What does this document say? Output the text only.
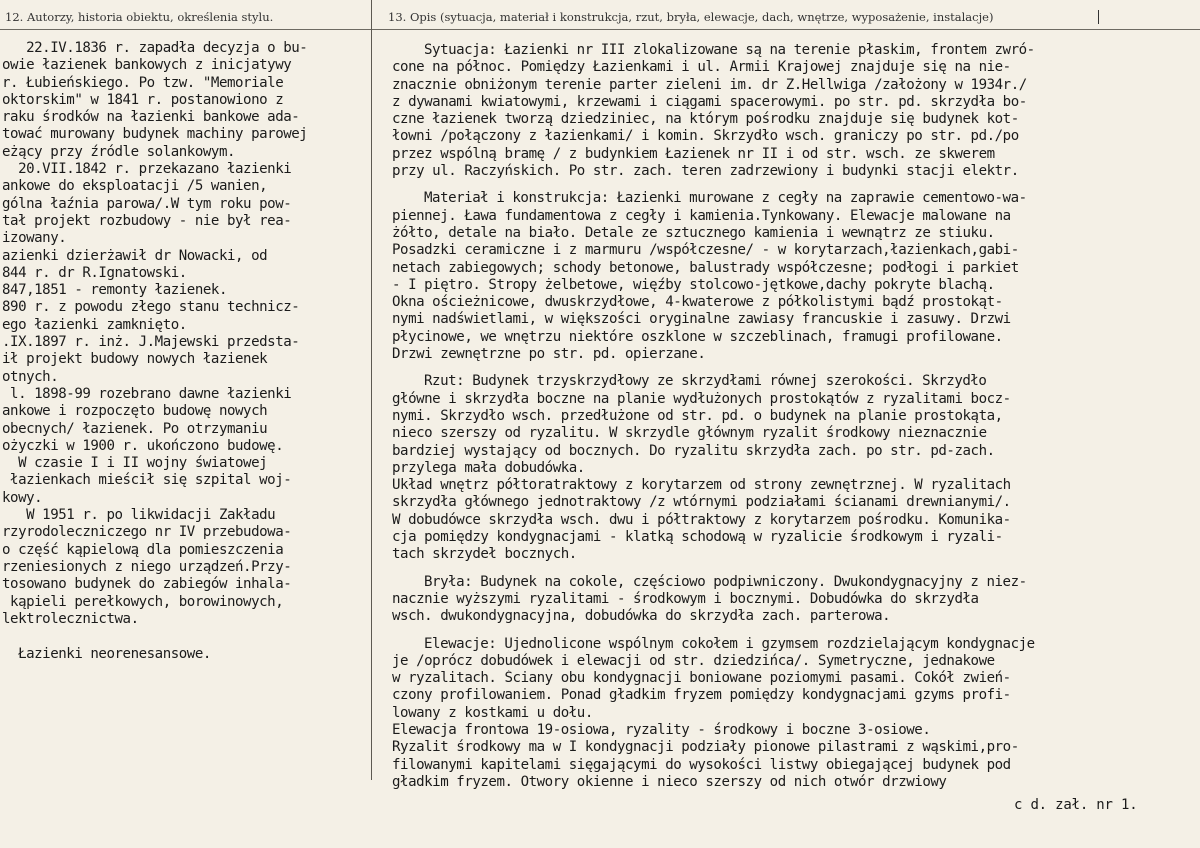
12. Autorzy, historia obiektu, określenia stylu.	13. Opis (sytuacja, materiał i konstrukcja, rzut, bryła, elewacje, dach, wnętrze, wyposażenie, instalacje)
22.IV.1836 r. zapadła decyzja o bu-
owie łazienek bankowych z inicjatywy
r. Łubieńskiego. Po tzw. "Memoriale
oktorskim" w 1841 r. postanowiono z
raku środków na łazienki bankowe ada-
tować murowany budynek machiny parowej
eżący przy źródle solankowym.
20.VII.1842 r. przekazano łazienki
ankowe do eksploatacji /5 wanien,
gólna łaźnia parowa/.W tym roku pow-
tał projekt rozbudowy - nie był rea-
izowany.
azienki dzierżawił dr Nowacki, od
844 r. dr R.Ignatowski.
847,1851 - remonty łazienek.
890 r. z powodu złego stanu technicz-
ego łazienki zamknięto.
.IX.1897 r. inż. J.Majewski przedsta-
ił projekt budowy nowych łazienek
otnych.
l. 1898-99 rozebrano dawne łazienki
ankowe i rozpoczęto budowę nowych
obecnych/ łazienek. Po otrzymaniu
ożyczki w 1900 r. ukończono budowę.
W czasie I i II wojny światowej
łazienkach mieścił się szpital woj-
kowy.
W 1951 r. po likwidacji Zakładu
rzyrodoleczniczego nr IV przebudowa-
o część kąpielową dla pomieszczenia
rzeniesionych z niego urządzeń.Przy-
tosowano budynek do zabiegów inhala-
kąpieli perełkowych, borowinowych,
lektrolecznictwa.
Łazienki neorenesansowe.
Sytuacja: Łazienki nr III zlokalizowane są na terenie płaskim, frontem zwró-
cone na północ. Pomiędzy Łazienkami i ul. Armii Krajowej znajduje się na nie-
znacznie obniżonym terenie parter zieleni im. dr Z.Hellwiga /założony w 1934r./
z dywanami kwiatowymi, krzewami i ciągami spacerowymi. po str. pd. skrzydła bo-
czne łazienek tworzą dziedziniec, na którym pośrodku znajduje się budynek kot-
łowni /połączony z łazienkami/ i komin. Skrzydło wsch. graniczy po str. pd./po
przez wspólną bramę / z budynkiem Łazienek nr II i od str. wsch. ze skwerem
przy ul. Raczyńskich. Po str. zach. teren zadrzewiony i budynki stacji elektr.
Materiał i konstrukcja: Łazienki murowane z cegły na zaprawie cementowo-wa-
piennej. Ława fundamentowa z cegły i kamienia.Tynkowany. Elewacje malowane na
żółto, detale na biało. Detale ze sztucznego kamienia i wewnątrz ze stiuku.
Posadzki ceramiczne i z marmuru /współczesne/ - w korytarzach,łazienkach,gabi-
netach zabiegowych; schody betonowe, balustrady współczesne; podłogi i parkiet
- I piętro. Stropy żelbetowe, więźby stolcowo-jętkowe,dachy pokryte blachą.
Okna ościeżnicowe, dwuskrzydłowe, 4-kwaterowe z półkolistymi bądź prostokąt-
nymi nadświetlami, w większości oryginalne zawiasy francuskie i zasuwy. Drzwi
płycinowe, we wnętrzu niektóre oszklone w szczeblinach, framugi profilowane.
Drzwi zewnętrzne po str. pd. opierzane.
Rzut: Budynek trzyskrzydłowy ze skrzydłami równej szerokości. Skrzydło
główne i skrzydła boczne na planie wydłużonych prostokątów z ryzalitami bocz-
nymi. Skrzydło wsch. przedłużone od str. pd. o budynek na planie prostokąta,
nieco szerszy od ryzalitu. W skrzydle głównym ryzalit środkowy nieznacznie
bardziej wystający od bocznych. Do ryzalitu skrzydła zach. po str. pd-zach.
przylega mała dobudówka.
Układ wnętrz półtoratraktowy z korytarzem od strony zewnętrznej. W ryzalitach
skrzydła głównego jednotraktowy /z wtórnymi podziałami ścianami drewnianymi/.
W dobudówce skrzydła wsch. dwu i półtraktowy z korytarzem pośrodku. Komunika-
cja pomiędzy kondygnacjami - klatką schodową w ryzalicie środkowym i ryzali-
tach skrzydeł bocznych.
Bryła: Budynek na cokole, częściowo podpiwniczony. Dwukondygnacyjny z niez-
nacznie wyższymi ryzalitami - środkowym i bocznymi. Dobudówka do skrzydła
wsch. dwukondygnacyjna, dobudówka do skrzydła zach. parterowa.
Elewacje: Ujednolicone wspólnym cokołem i gzymsem rozdzielającym kondygnacje
je /oprócz dobudówek i elewacji od str. dziedzińca/. Symetryczne, jednakowe
w ryzalitach. Ściany obu kondygnacji boniowane poziomymi pasami. Cokół zwień-
czony profilowaniem. Ponad gładkim fryzem pomiędzy kondygnacjami gzyms profi-
lowany z kostkami u dołu.
Elewacja frontowa 19-osiowa, ryzality - środkowy i boczne 3-osiowe.
Ryzalit środkowy ma w I kondygnacji podziały pionowe pilastrami z wąskimi,pro-
filowanymi kapitelami sięgającymi do wysokości listwy obiegającej budynek pod
gładkim fryzem. Otwory okienne i nieco szerszy od nich otwór drzwiowy
c d. zał. nr 1.
